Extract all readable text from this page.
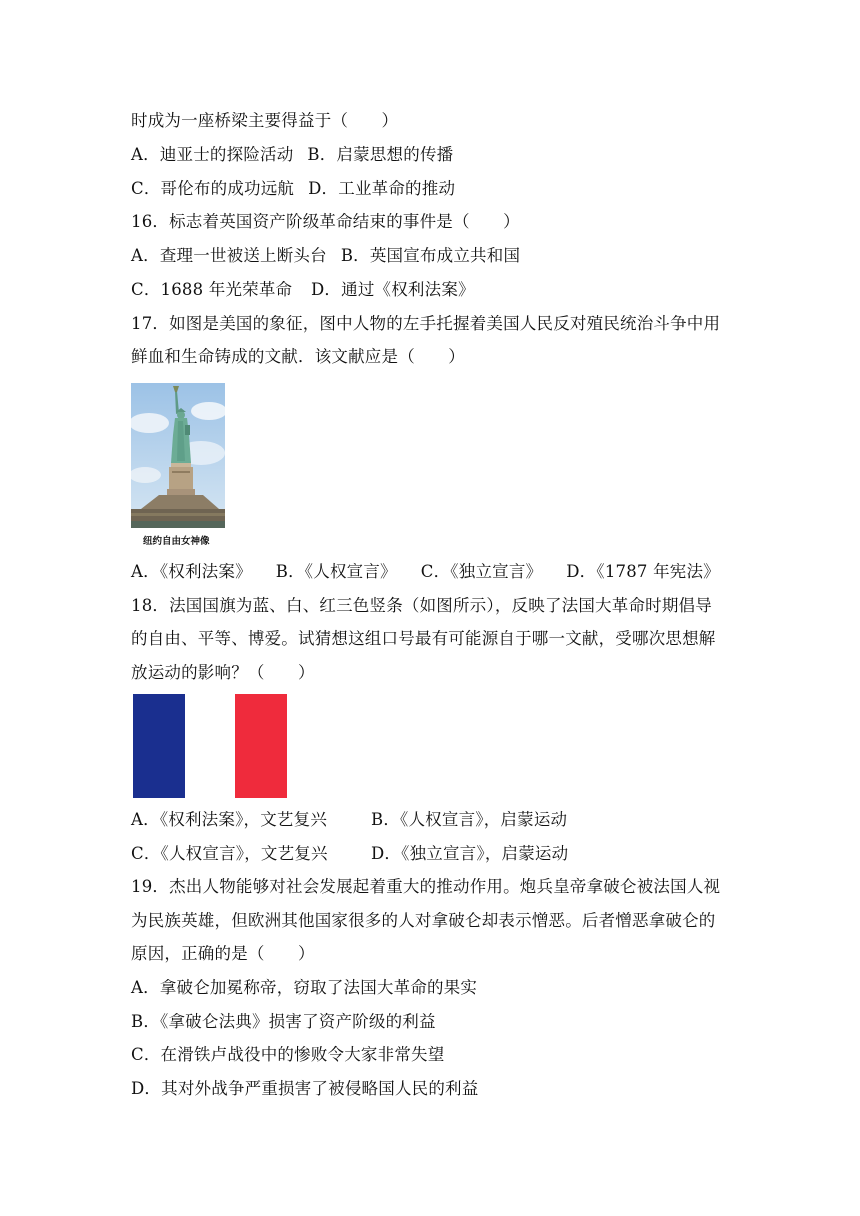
时成为一座桥梁主要得益于（　　）
A．迪亚士的探险活动 B．启蒙思想的传播
C．哥伦布的成功远航 D．工业革命的推动
16．标志着英国资产阶级革命结束的事件是（　　）
A．查理一世被送上断头台 B．英国宣布成立共和国
C．1688 年光荣革命 D．通过《权利法案》
17．如图是美国的象征，图中人物的左手托握着美国人民反对殖民统治斗争中用
鲜血和生命铸成的文献．该文献应是（　　）
纽约自由女神像
A．《权利法案》 B．《人权宣言》 C．《独立宣言》 D．《1787 年宪法》
18．法国国旗为蓝、白、红三色竖条（如图所示），反映了法国大革命时期倡导
的自由、平等、博爱。试猜想这组口号最有可能源自于哪一文献，受哪次思想解
放运动的影响？（　　）
A．《权利法案》，文艺复兴	B．《人权宣言》，启蒙运动
C．《人权宣言》，文艺复兴	D．《独立宣言》，启蒙运动
19．杰出人物能够对社会发展起着重大的推动作用。炮兵皇帝拿破仑被法国人视
为民族英雄，但欧洲其他国家很多的人对拿破仑却表示憎恶。后者憎恶拿破仑的
原因，正确的是（　　）
A．拿破仑加冕称帝，窃取了法国大革命的果实
B．《拿破仑法典》损害了资产阶级的利益
C．在滑铁卢战役中的惨败令大家非常失望
D．其对外战争严重损害了被侵略国人民的利益
